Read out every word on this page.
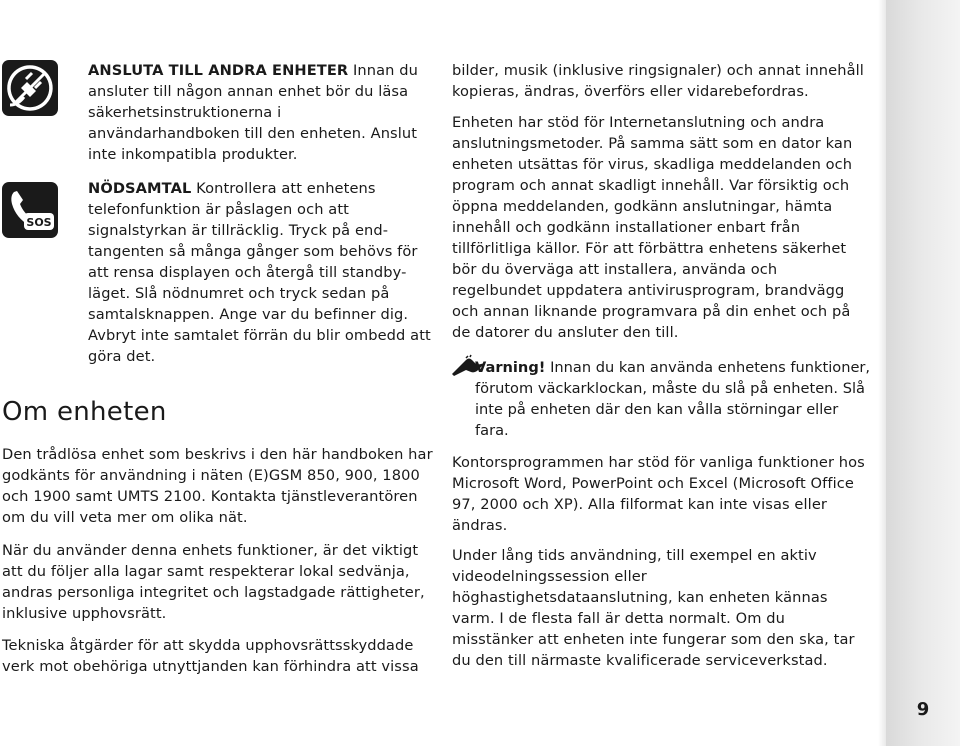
ANSLUTA TILL ANDRA ENHETER Innan du ansluter till någon annan enhet bör du läsa säkerhetsinstruktionerna i användarhandboken till den enheten. Anslut inte inkompatibla produkter.
SOS
NÖDSAMTAL Kontrollera att enhetens telefonfunktion är påslagen och att signalstyrkan är tillräcklig. Tryck på end-tangenten så många gånger som behövs för att rensa displayen och återgå till standby-läget. Slå nödnumret och tryck sedan på samtalsknappen. Ange var du befinner dig. Avbryt inte samtalet förrän du blir ombedd att göra det.
Om enheten

Den trådlösa enhet som beskrivs i den här handboken har godkänts för användning i näten (E)GSM 850, 900, 1800 och 1900 samt UMTS 2100. Kontakta tjänstleverantören om du vill veta mer om olika nät.

När du använder denna enhets funktioner, är det viktigt att du följer alla lagar samt respekterar lokal sedvänja, andras personliga integritet och lagstadgade rättigheter, inklusive upphovsrätt.

Tekniska åtgärder för att skydda upphovsrättsskyddade verk mot obehöriga utnyttjanden kan förhindra att vissa

bilder, musik (inklusive ringsignaler) och annat innehåll kopieras, ändras, överförs eller vidarebefordras.

Enheten har stöd för Internetanslutning och andra anslutningsmetoder. På samma sätt som en dator kan enheten utsättas för virus, skadliga meddelanden och program och annat skadligt innehåll. Var försiktig och öppna meddelanden, godkänn anslutningar, hämta innehåll och godkänn installationer enbart från tillförlitliga källor. För att förbättra enhetens säkerhet bör du överväga att installera, använda och regelbundet uppdatera antivirusprogram, brandvägg och annan liknande programvara på din enhet och på de datorer du ansluter den till.

Varning! Innan du kan använda enhetens funktioner, förutom väckarklockan, måste du slå på enheten. Slå inte på enheten där den kan vålla störningar eller fara.

Kontorsprogrammen har stöd för vanliga funktioner hos Microsoft Word, PowerPoint och Excel (Microsoft Office 97, 2000 och XP). Alla filformat kan inte visas eller ändras.

Under lång tids användning, till exempel en aktiv videodelningssession eller höghastighetsdataanslutning, kan enheten kännas varm. I de flesta fall är detta normalt. Om du misstänker att enheten inte fungerar som den ska, tar du den till närmaste kvalificerade serviceverkstad.

9
